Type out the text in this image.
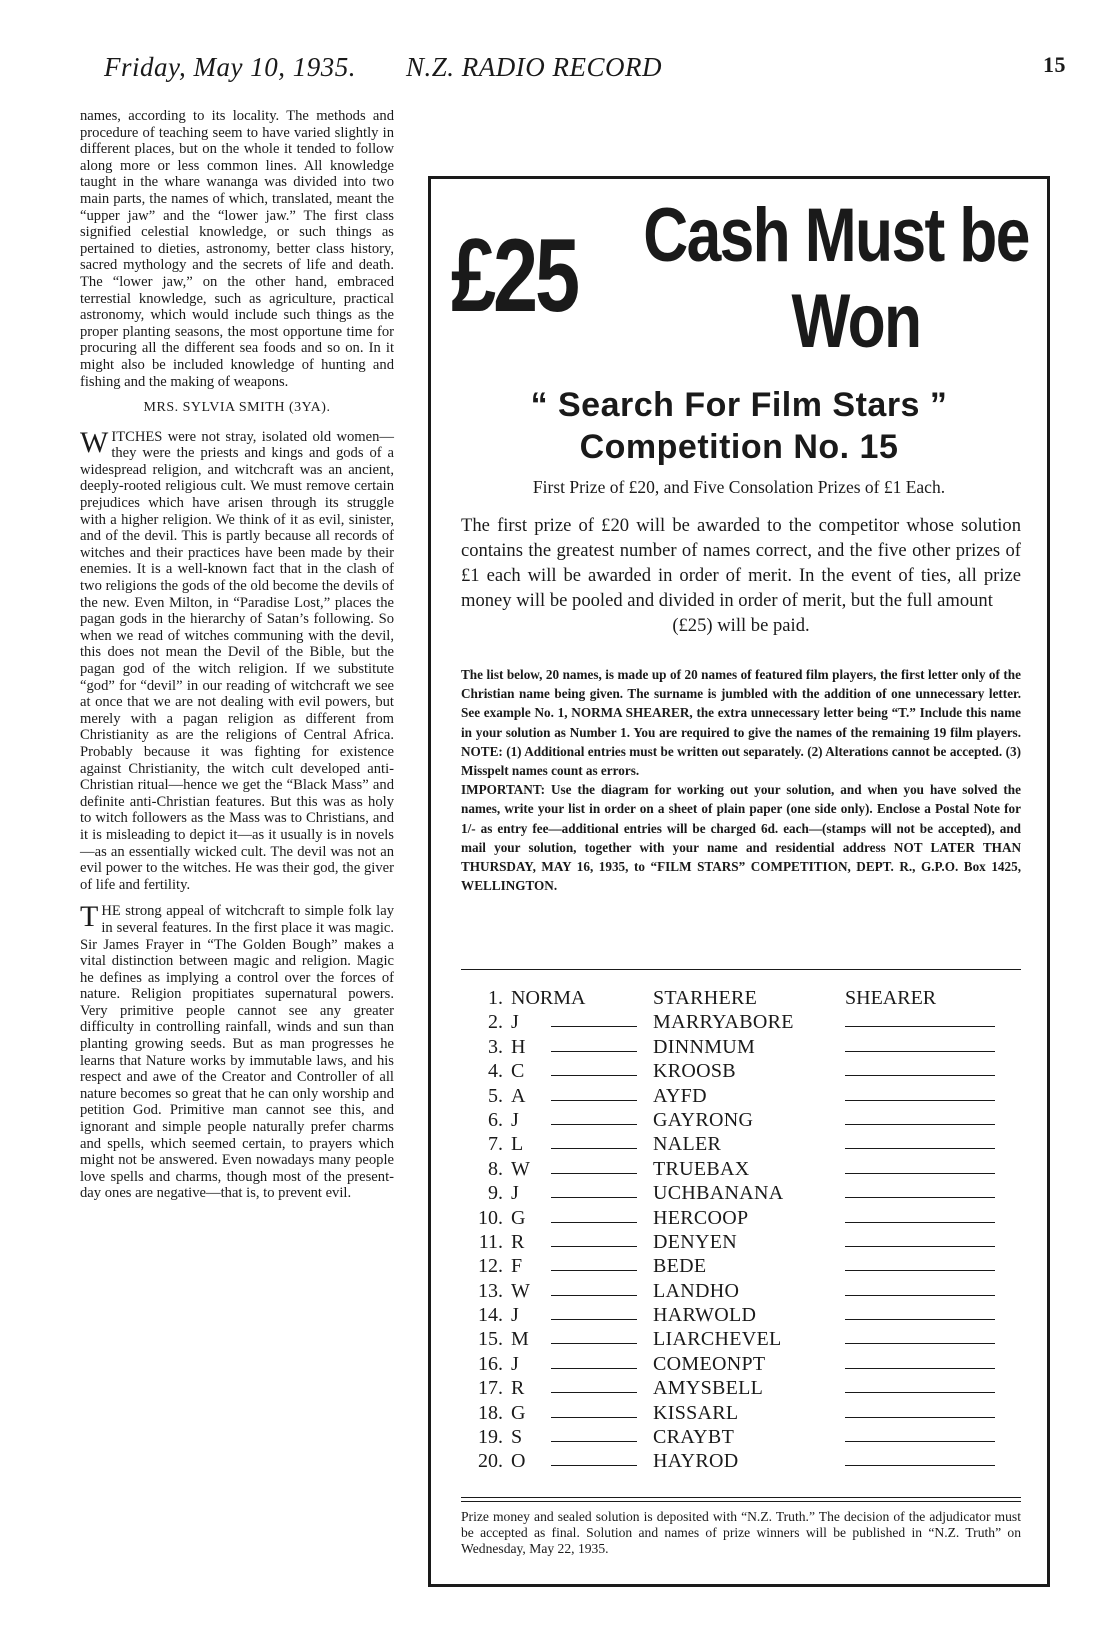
Friday, May 10, 1935. N.Z. RADIO RECORD	15

names, according to its locality. The methods and procedure of teaching seem to have varied slightly in different places, but on the whole it tended to follow along more or less common lines. All knowledge taught in the whare wananga was divided into two main parts, the names of which, translated, meant the “upper jaw” and the “lower jaw.” The first class signified celestial knowledge, or such things as pertained to dieties, astronomy, better class history, sacred mythology and the secrets of life and death. The “lower jaw,” on the other hand, embraced terrestial knowledge, such as agriculture, practical astronomy, which would include such things as the proper planting seasons, the most opportune time for procuring all the different sea foods and so on. In it might also be included knowledge of hunting and fishing and the making of weapons.

MRS. SYLVIA SMITH (3YA).

WITCHES were not stray, isolated old women—they were the priests and kings and gods of a widespread religion, and witchcraft was an ancient, deeply-rooted religious cult. We must remove certain prejudices which have arisen through its struggle with a higher religion. We think of it as evil, sinister, and of the devil. This is partly because all records of witches and their practices have been made by their enemies. It is a well-known fact that in the clash of two religions the gods of the old become the devils of the new. Even Milton, in “Paradise Lost,” places the pagan gods in the hierarchy of Satan’s following. So when we read of witches communing with the devil, this does not mean the Devil of the Bible, but the pagan god of the witch religion. If we substitute “god” for “devil” in our reading of witchcraft we see at once that we are not dealing with evil powers, but merely with a pagan religion as different from Christianity as are the religions of Central Africa. Probably because it was fighting for existence against Christianity, the witch cult developed anti-Christian ritual—hence we get the “Black Mass” and definite anti-Christian features. But this was as holy to witch followers as the Mass was to Christians, and it is misleading to depict it—as it usually is in novels—as an essentially wicked cult. The devil was not an evil power to the witches. He was their god, the giver of life and fertility.

THE strong appeal of witchcraft to simple folk lay in several features. In the first place it was magic. Sir James Frayer in “The Golden Bough” makes a vital distinction between magic and religion. Magic he defines as implying a control over the forces of nature. Religion propitiates supernatural powers. Very primitive people cannot see any greater difficulty in controlling rainfall, winds and sun than planting growing seeds. But as man progresses he learns that Nature works by immutable laws, and his respect and awe of the Creator and Controller of all nature becomes so great that he can only worship and petition God. Primitive man cannot see this, and ignorant and simple people naturally prefer charms and spells, which seemed certain, to prayers which might not be answered. Even nowadays many people love spells and charms, though most of the present-day ones are negative—that is, to prevent evil.

£25 Cash Must be
Won
“ Search For Film Stars ”
Competition No. 15
First Prize of £20, and Five Consolation Prizes of £1 Each.
The first prize of £20 will be awarded to the competitor whose solution contains the greatest number of names correct, and the five other prizes of £1 each will be awarded in order of merit. In the event of ties, all prize money will be pooled and divided in order of merit, but the full amount
(£25) will be paid.
The list below, 20 names, is made up of 20 names of featured film players, the first letter only of the Christian name being given. The surname is jumbled with the addition of one unnecessary letter. See example No. 1, NORMA SHEARER, the extra unnecessary letter being “T.” Include this name in your solution as Number 1. You are required to give the names of the remaining 19 film players. NOTE: (1) Additional entries must be written out separately. (2) Alterations cannot be accepted. (3) Misspelt names count as errors.
IMPORTANT: Use the diagram for working out your solution, and when you have solved the names, write your list in order on a sheet of plain paper (one side only). Enclose a Postal Note for 1/- as entry fee—additional entries will be charged 6d. each—(stamps will not be accepted), and mail your solution, together with your name and residential address NOT LATER THAN THURSDAY, MAY 16, 1935, to “FILM STARS” COMPETITION, DEPT. R., G.P.O. Box 1425, WELLINGTON.
1. NORMA	STARHERE	SHEARER
2. J	MARRYABORE
3. H	DINNMUM
4. C	KROOSB
5. A	AYFD
6. J	GAYRONG
7. L	NALER
8. W	TRUEBAX
9. J	UCHBANANA
10. G	HERCOOP
11. R	DENYEN
12. F	BEDE
13. W	LANDHO
14. J	HARWOLD
15. M	LIARCHEVEL
16. J	COMEONPT
17. R	AMYSBELL
18. G	KISSARL
19. S	CRAYBT
20. O	HAYROD
Prize money and sealed solution is deposited with “N.Z. Truth.” The decision of the adjudicator must be accepted as final. Solution and names of prize winners will be published in “N.Z. Truth” on Wednesday, May 22, 1935.
